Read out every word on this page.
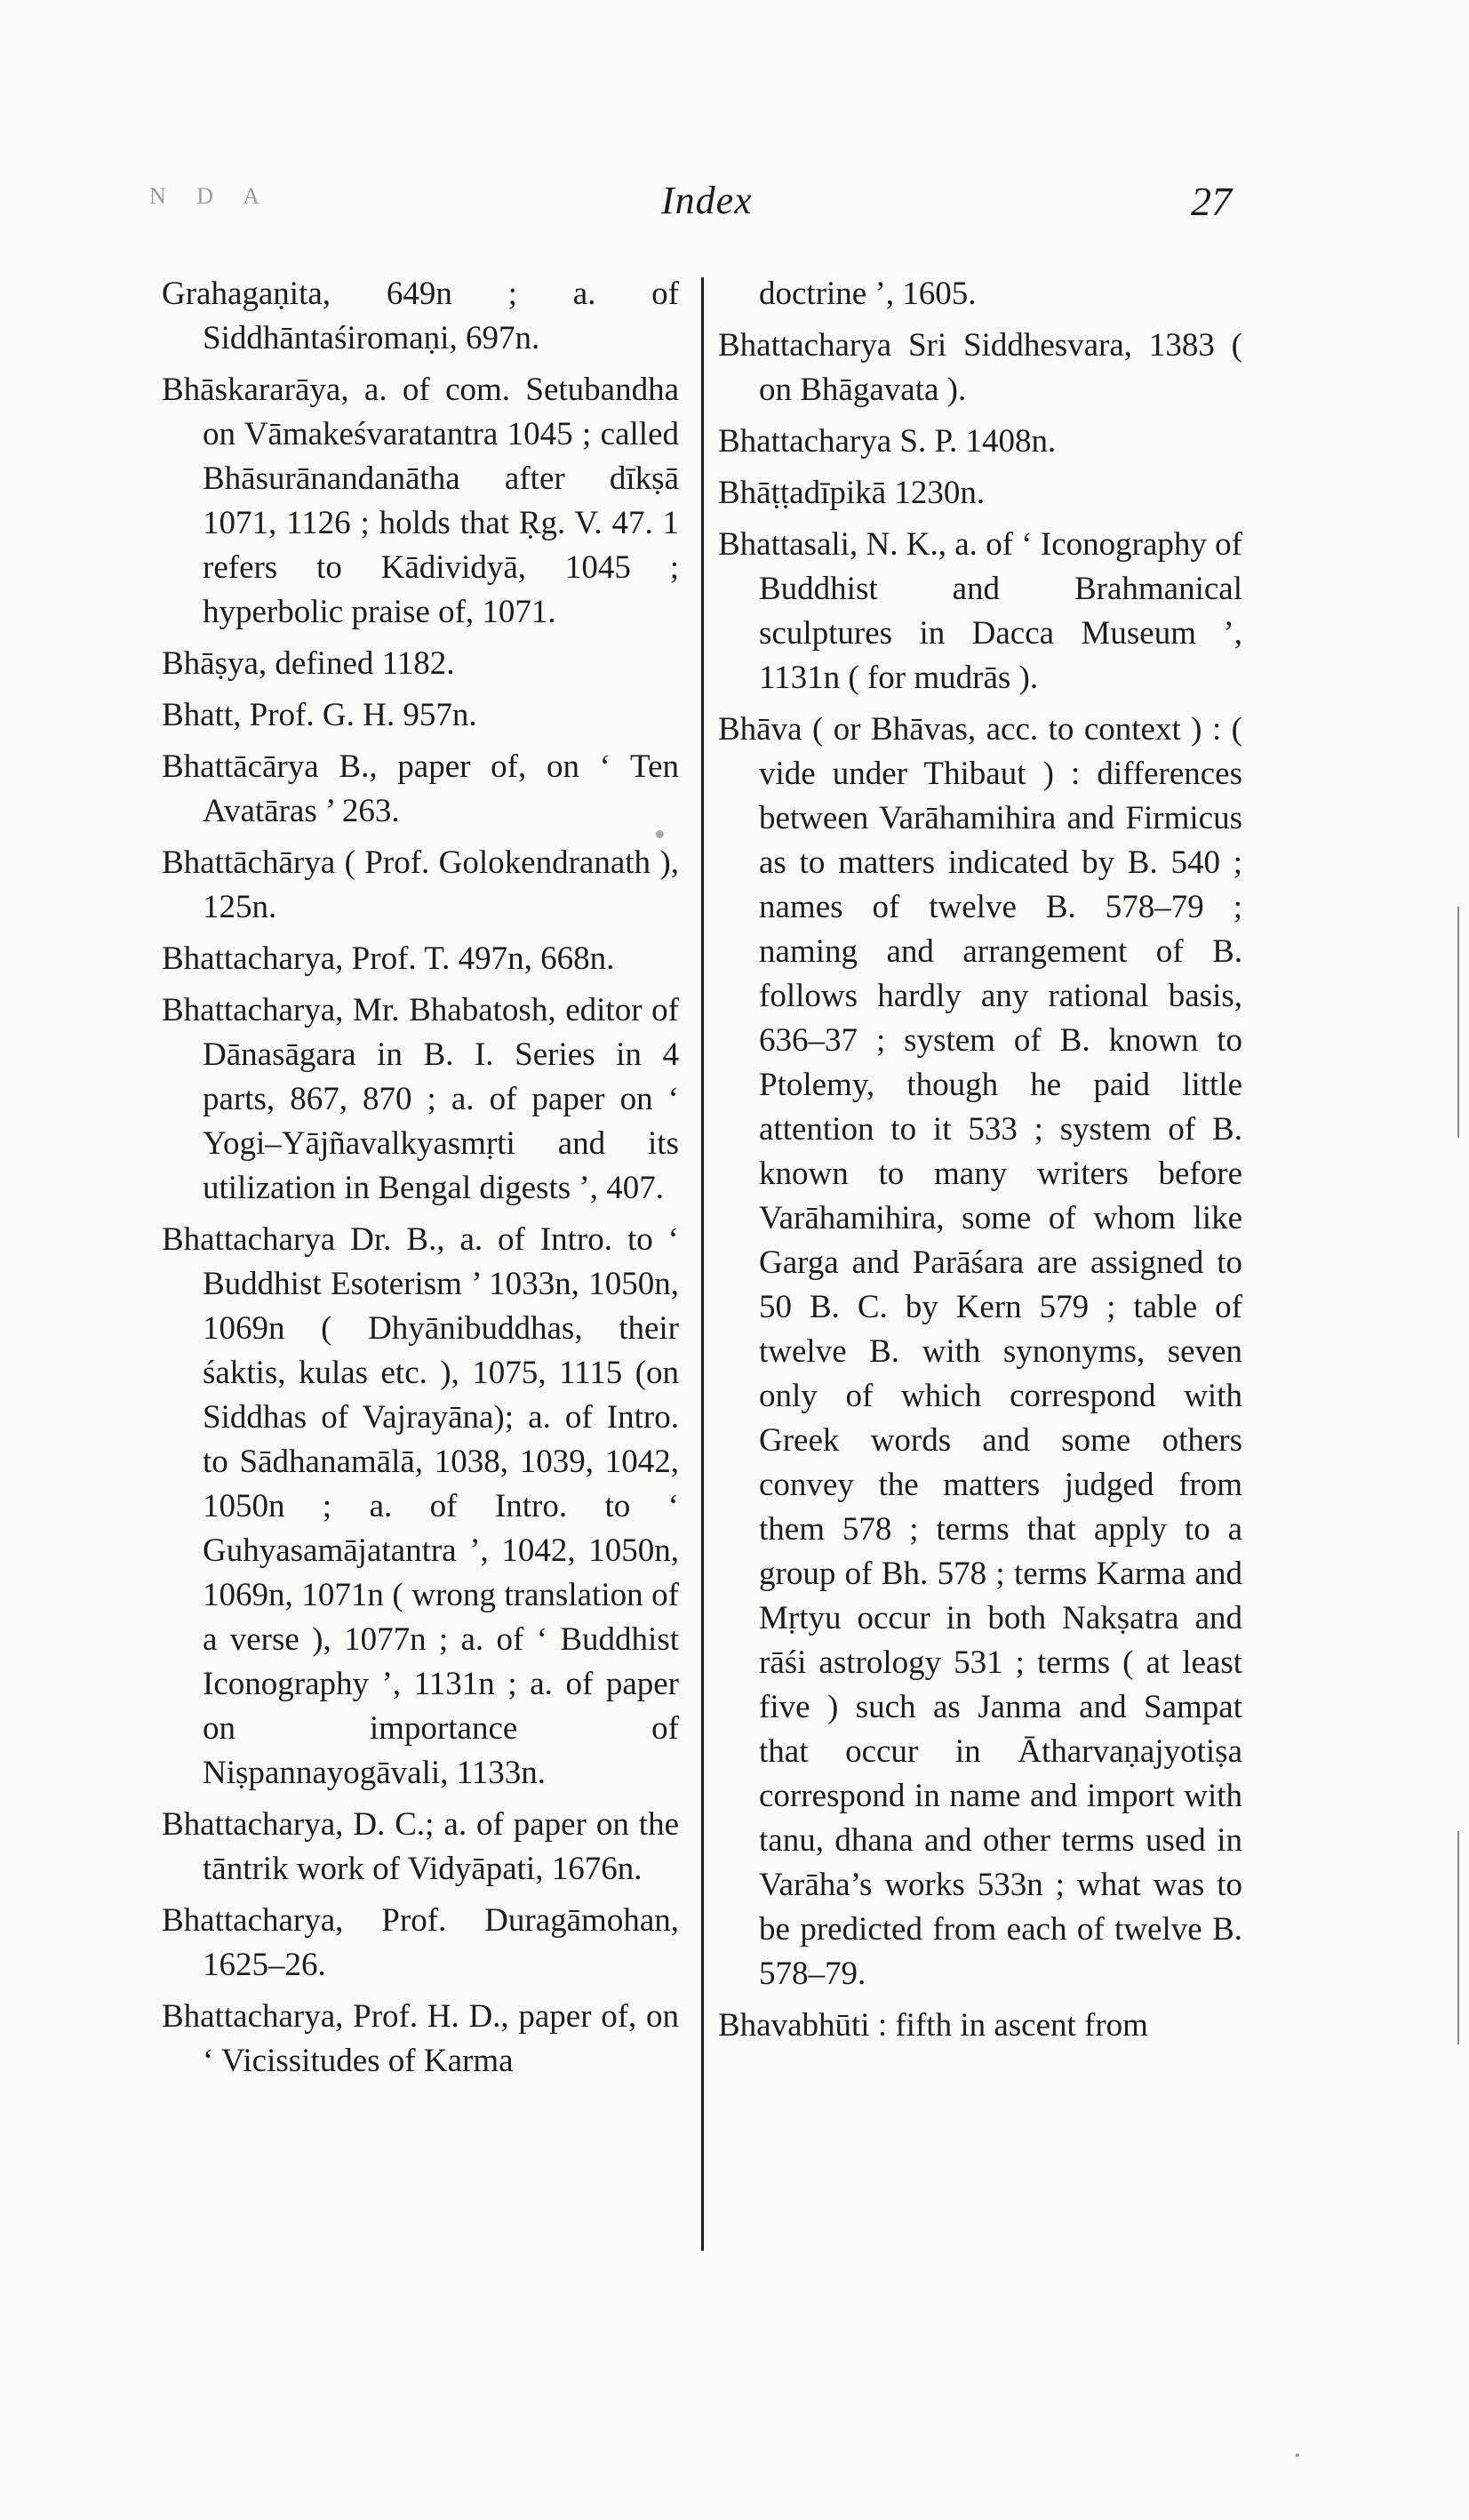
N D A	Index	27

Grahagaṇita, 649n ; a. of Siddhāntaśiromaṇi, 697n.

Bhāskararāya, a. of com. Setubandha on Vāmakeśvaratantra 1045 ; called Bhāsurānandanātha after dīkṣā 1071, 1126 ; holds that Ṛg. V. 47. 1 refers to Kādividyā, 1045 ; hyperbolic praise of, 1071.

Bhāṣya, defined 1182.

Bhatt, Prof. G. H. 957n.

Bhattācārya B., paper of, on ‘ Ten Avatāras ’ 263.

Bhattāchārya ( Prof. Golokendranath ), 125n.

Bhattacharya, Prof. T. 497n, 668n.

Bhattacharya, Mr. Bhabatosh, editor of Dānasāgara in B. I. Series in 4 parts, 867, 870 ; a. of paper on ‘ Yogi–Yājñavalkyasmṛti and its utilization in Bengal digests ’, 407.

Bhattacharya Dr. B., a. of Intro. to ‘ Buddhist Esoterism ’ 1033n, 1050n, 1069n ( Dhyānibuddhas, their śaktis, kulas etc. ), 1075, 1115 (on Siddhas of Vajrayāna); a. of Intro. to Sādhanamālā, 1038, 1039, 1042, 1050n ; a. of Intro. to ‘ Guhyasamājatantra ’, 1042, 1050n, 1069n, 1071n ( wrong translation of a verse ), 1077n ; a. of ‘ Buddhist Iconography ’, 1131n ; a. of paper on importance of Niṣpannayogāvali, 1133n.

Bhattacharya, D. C.; a. of paper on the tāntrik work of Vidyāpati, 1676n.

Bhattacharya, Prof. Duragāmohan, 1625–26.

Bhattacharya, Prof. H. D., paper of, on ‘ Vicissitudes of Karma

doctrine ’, 1605.

Bhattacharya Sri Siddhesvara, 1383 ( on Bhāgavata ).

Bhattacharya S. P. 1408n.

Bhāṭṭadīpikā 1230n.

Bhattasali, N. K., a. of ‘ Iconography of Buddhist and Brahmanical sculptures in Dacca Museum ’, 1131n ( for mudrās ).

Bhāva ( or Bhāvas, acc. to context ) : ( vide under Thibaut ) : differences between Varāhamihira and Firmicus as to matters indicated by B. 540 ; names of twelve B. 578–79 ; naming and arrangement of B. follows hardly any rational basis, 636–37 ; system of B. known to Ptolemy, though he paid little attention to it 533 ; system of B. known to many writers before Varāhamihira, some of whom like Garga and Parāśara are assigned to 50 B. C. by Kern 579 ; table of twelve B. with synonyms, seven only of which correspond with Greek words and some others convey the matters judged from them 578 ; terms that apply to a group of Bh. 578 ; terms Karma and Mṛtyu occur in both Nakṣatra and rāśi astrology 531 ; terms ( at least five ) such as Janma and Sampat that occur in Ātharvaṇajyotiṣa correspond in name and import with tanu, dhana and other terms used in Varāha’s works 533n ; what was to be predicted from each of twelve B. 578–79.

Bhavabhūti : fifth in ascent from
